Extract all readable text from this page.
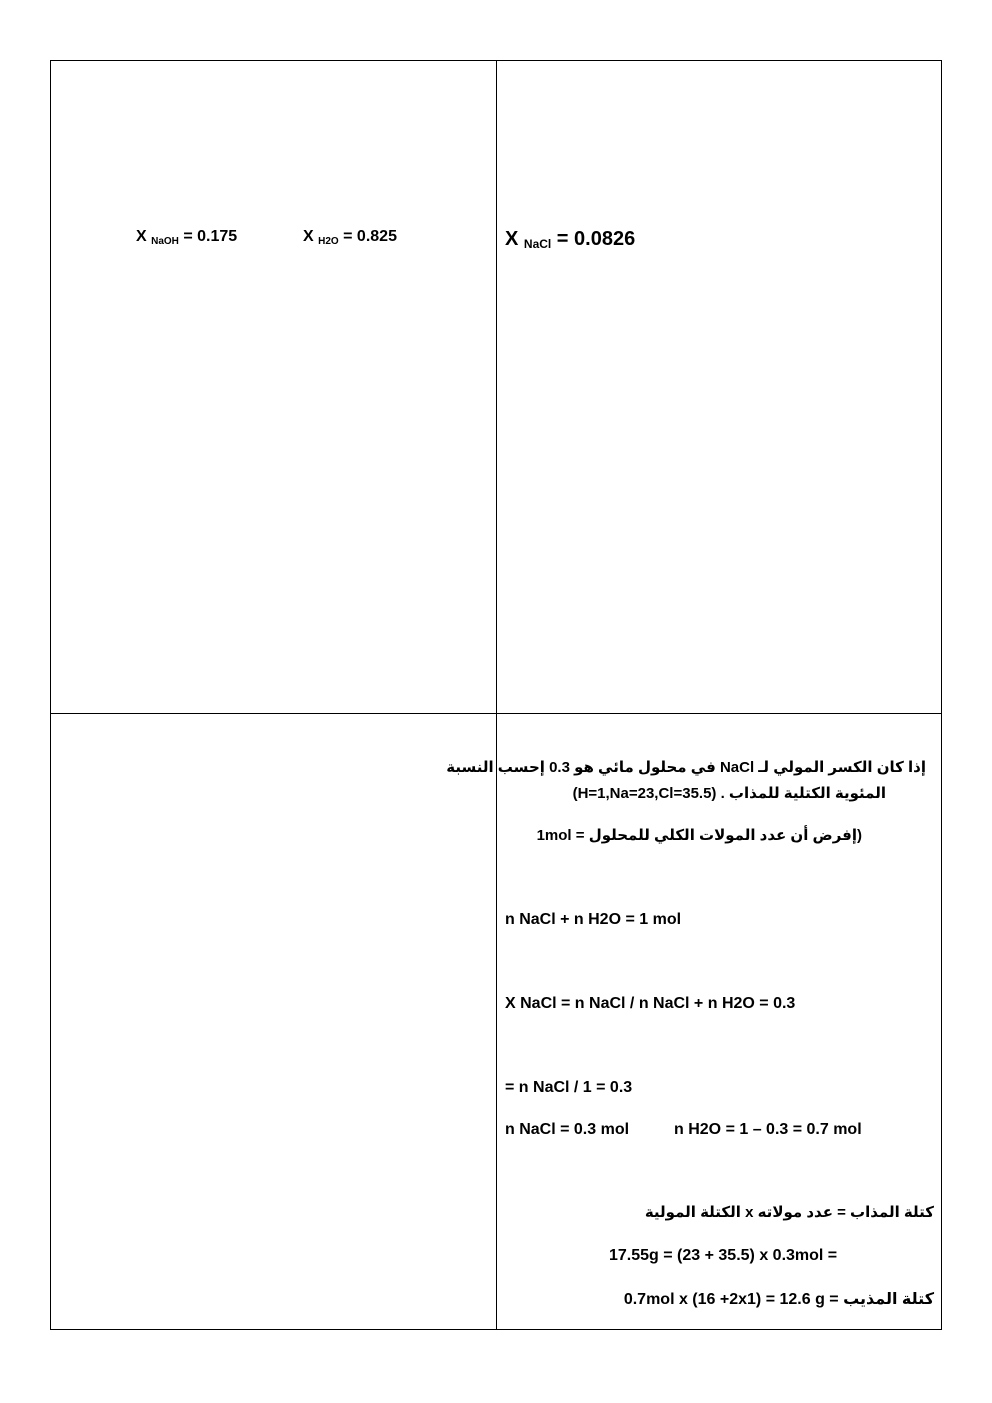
X $_{NaOH}$ = 0.175	X $_{H2O}$ = 0.825	X $_{NaCl}$ = 0.0826
إذا كان الكسر المولي لـ NaCl في محلول مائي هو 0.3 إحسب النسبة
المئوية الكتلية للمذاب . (H=1,Na=23,Cl=35.5)
(إفرض أن عدد المولات الكلي للمحلول = 1mol
n NaCl + n H2O = 1 mol
X NaCl = n NaCl / n NaCl + n H2O = 0.3
= n NaCl / 1 = 0.3
n NaCl = 0.3 mol	n H2O = 1 – 0.3 = 0.7 mol
كتلة المذاب = عدد مولاته x الكتلة المولية
17.55g = (23 + 35.5) x 0.3mol =
كتلة المذيب = 0.7mol x (16 +2x1) = 12.6 g
